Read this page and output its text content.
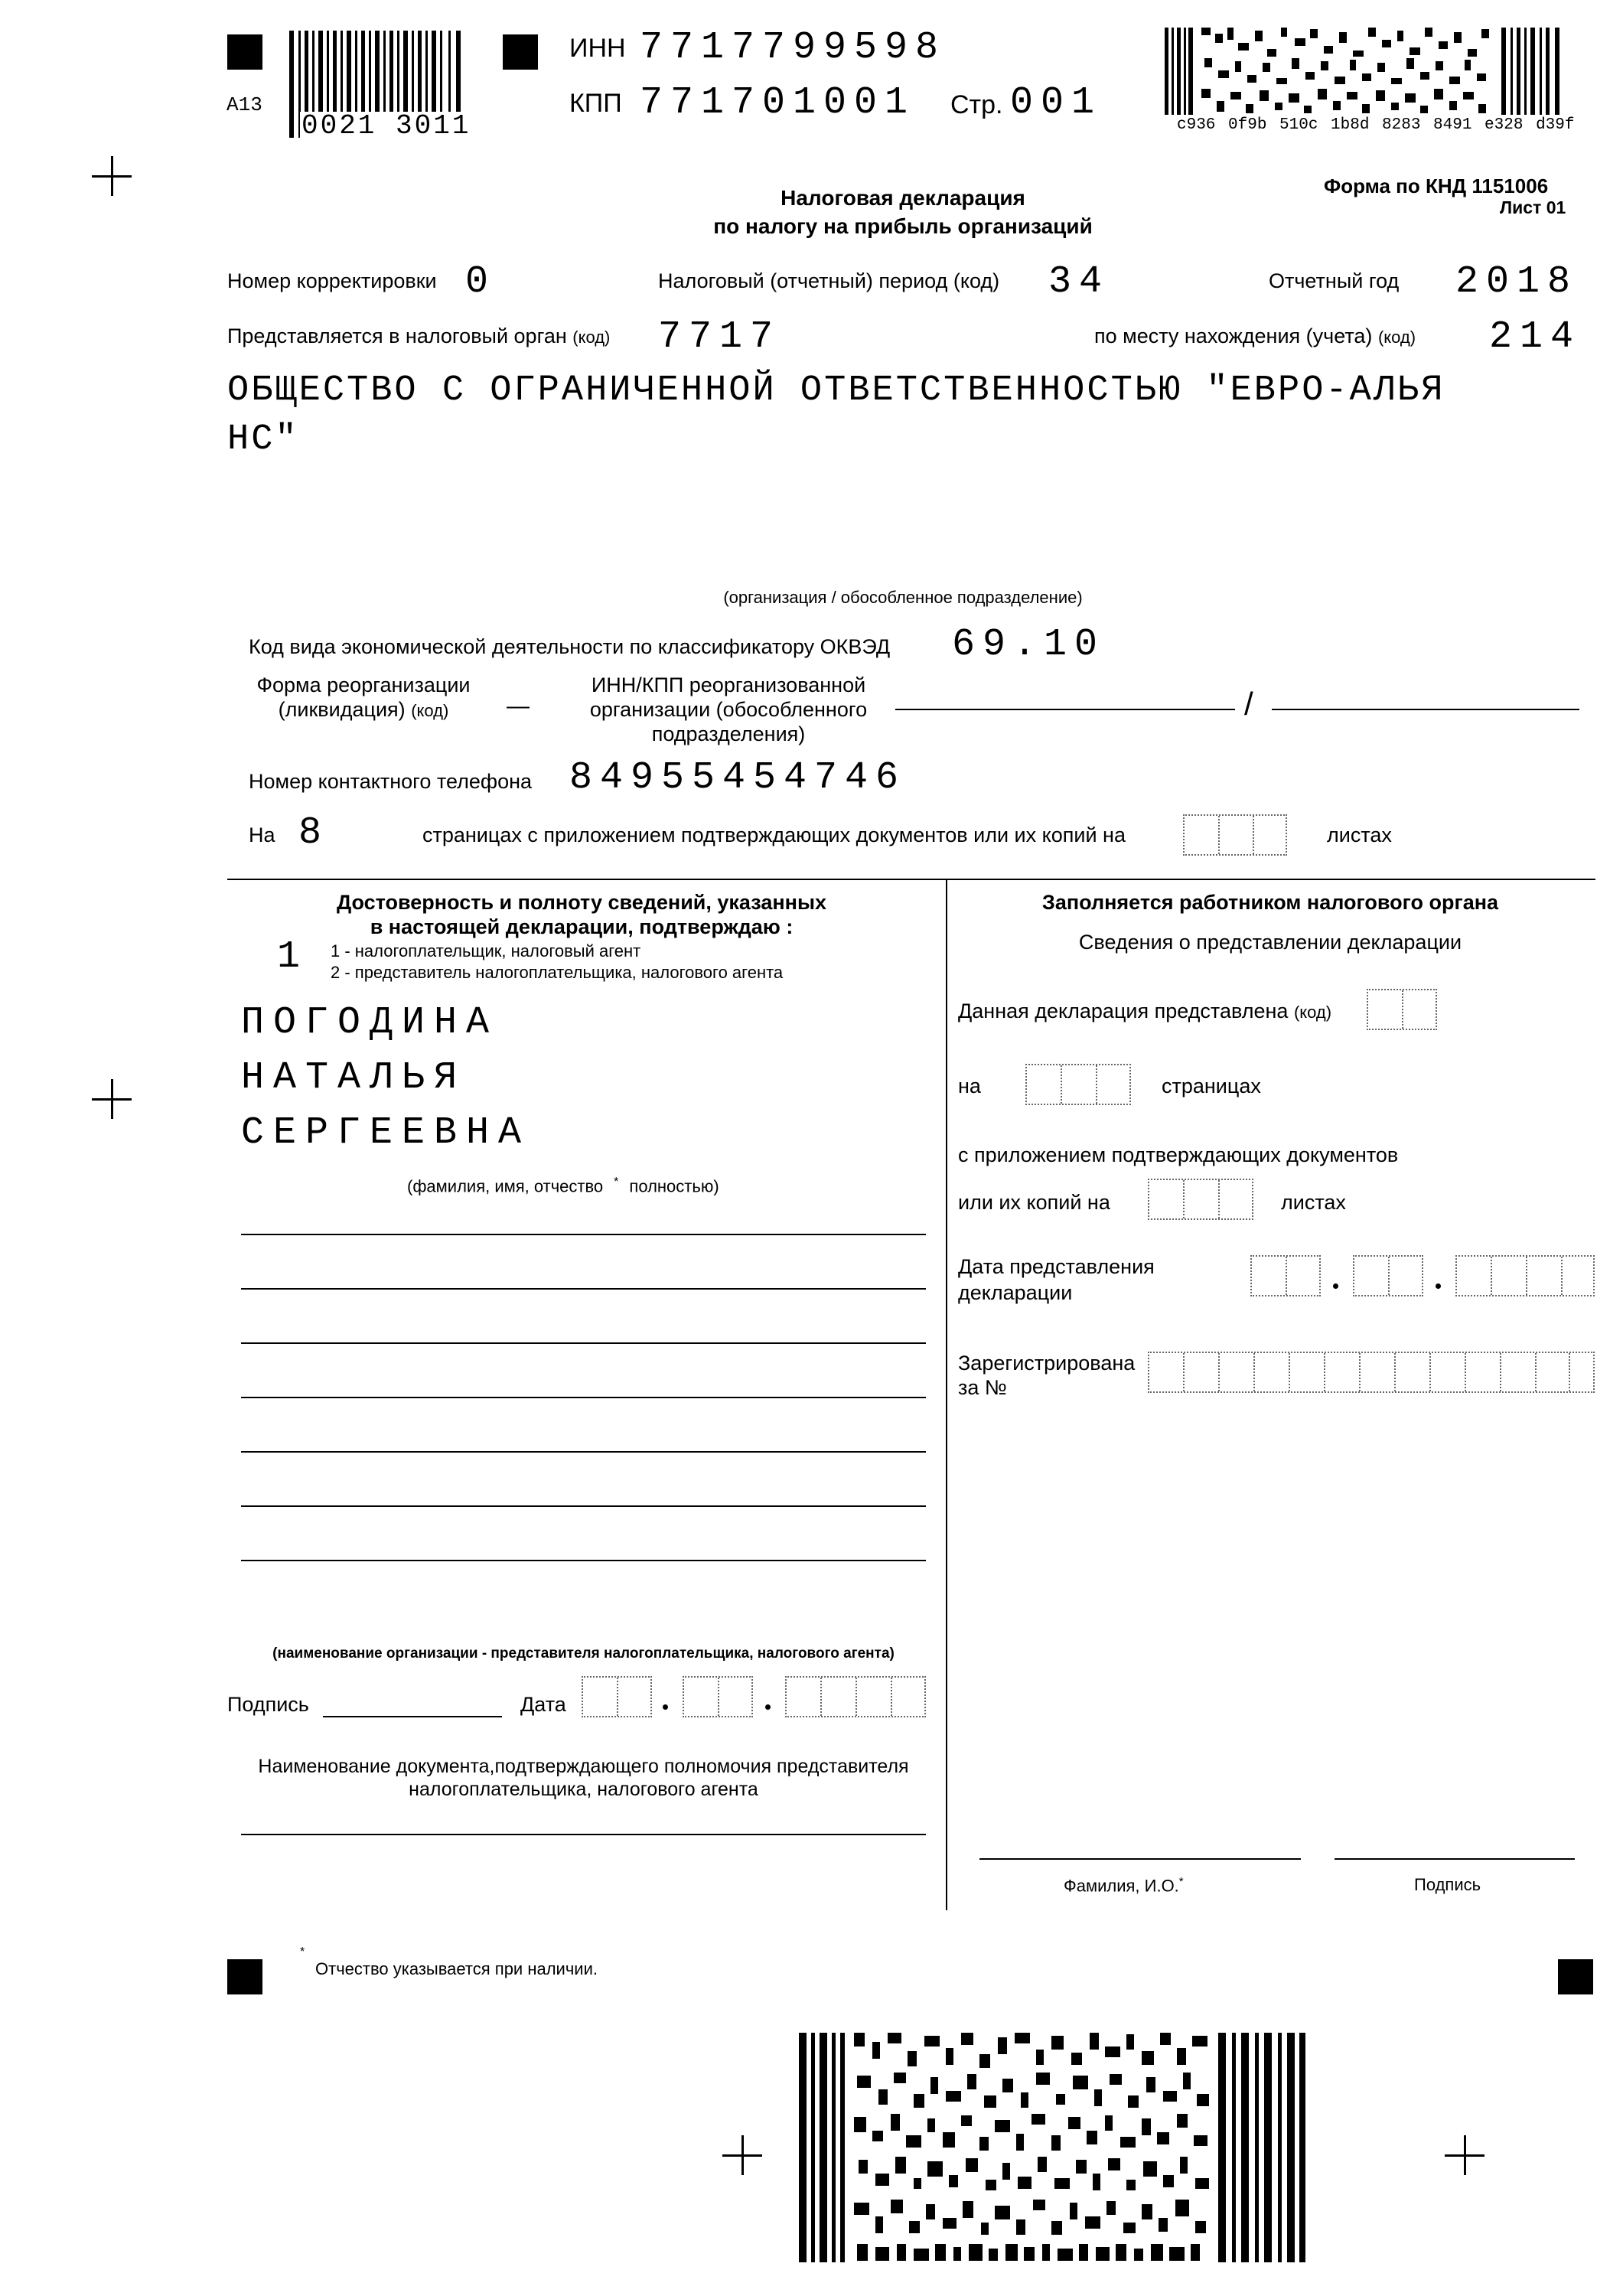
A13
0021 3011
ИНН 7717799598
КПП 771701001 Стр. 001
c936 0f9b 510c 1b8d 8283 8491 e328 d39f
Налоговая декларация
по налогу на прибыль организаций
Форма по КНД 1151006
Лист 01
Номер корректировки 0	Налоговый (отчетный) период (код) 34	Отчетный год 2018
Представляется в налоговый орган (код) 7717	по месту нахождения (учета) (код) 214
ОБЩЕСТВО С ОГРАНИЧЕННОЙ ОТВЕТСТВЕННОСТЬЮ "ЕВРО-АЛЬЯ
НС"
(организация / обособленное подразделение)
Код вида экономической деятельности по классификатору ОКВЭД 69.10
Форма реорганизации
(ликвидация) (код)	—
ИНН/КПП реорганизованной
организации (обособленного
подразделения)
/
Номер контактного телефона 84955454746
На 8	страницах с приложением подтверждающих документов или их копий на	листах
Достоверность и полноту сведений, указанных
в настоящей декларации, подтверждаю :
1 1 - налогоплательщик, налоговый агент
2 - представитель налогоплательщика, налогового агента
ПОГОДИНА
НАТАЛЬЯ
СЕРГЕЕВНА
(фамилия, имя, отчество * полностью)
(наименование организации - представителя налогоплательщика, налогового агента)
Подпись	Дата
Наименование документа,подтверждающего полномочия представителя
налогоплательщика, налогового агента
Заполняется работником налогового органа
Сведения о представлении декларации
Данная декларация представлена (код)
на	страницах
с приложением подтверждающих документов
или их копий на	листах
Дата представления
декларации
Зарегистрирована
за №
Фамилия, И.О.*	Подпись
*
Отчество указывается при наличии.
